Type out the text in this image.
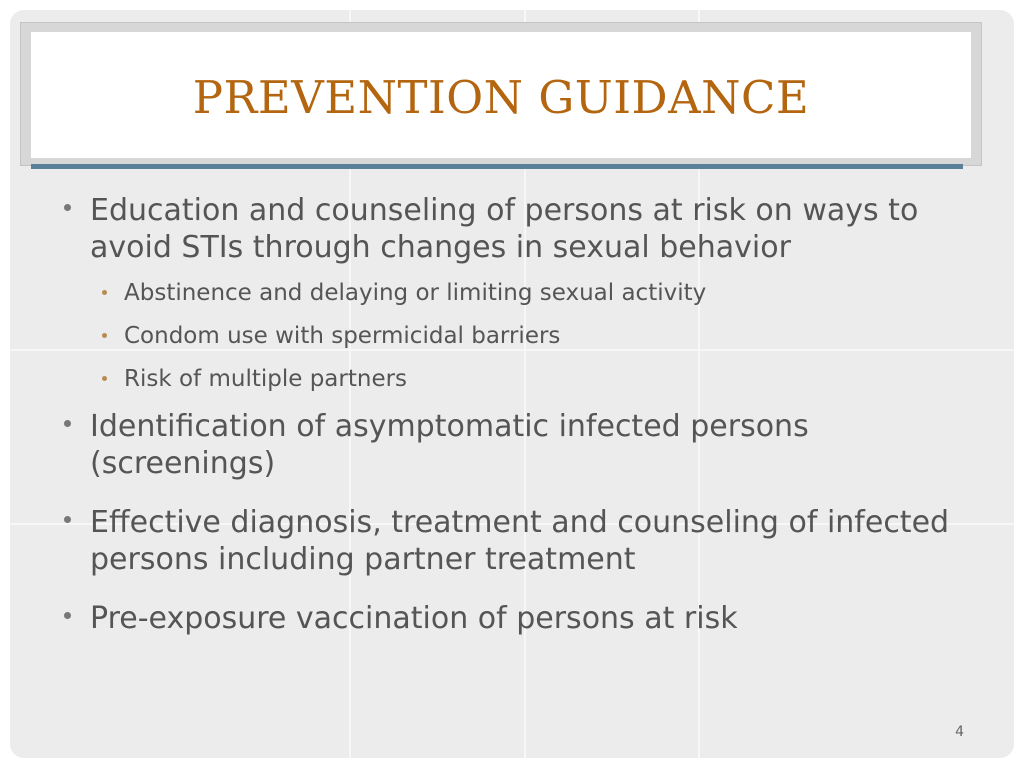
PREVENTION GUIDANCE
Education and counseling of persons at risk on ways to avoid STIs through changes in sexual behavior
Abstinence and delaying or limiting sexual activity
Condom use with spermicidal barriers
Risk of multiple partners
Identification of asymptomatic infected persons (screenings)
Effective diagnosis, treatment and counseling of infected persons including partner treatment
Pre-exposure vaccination of persons at risk
4
